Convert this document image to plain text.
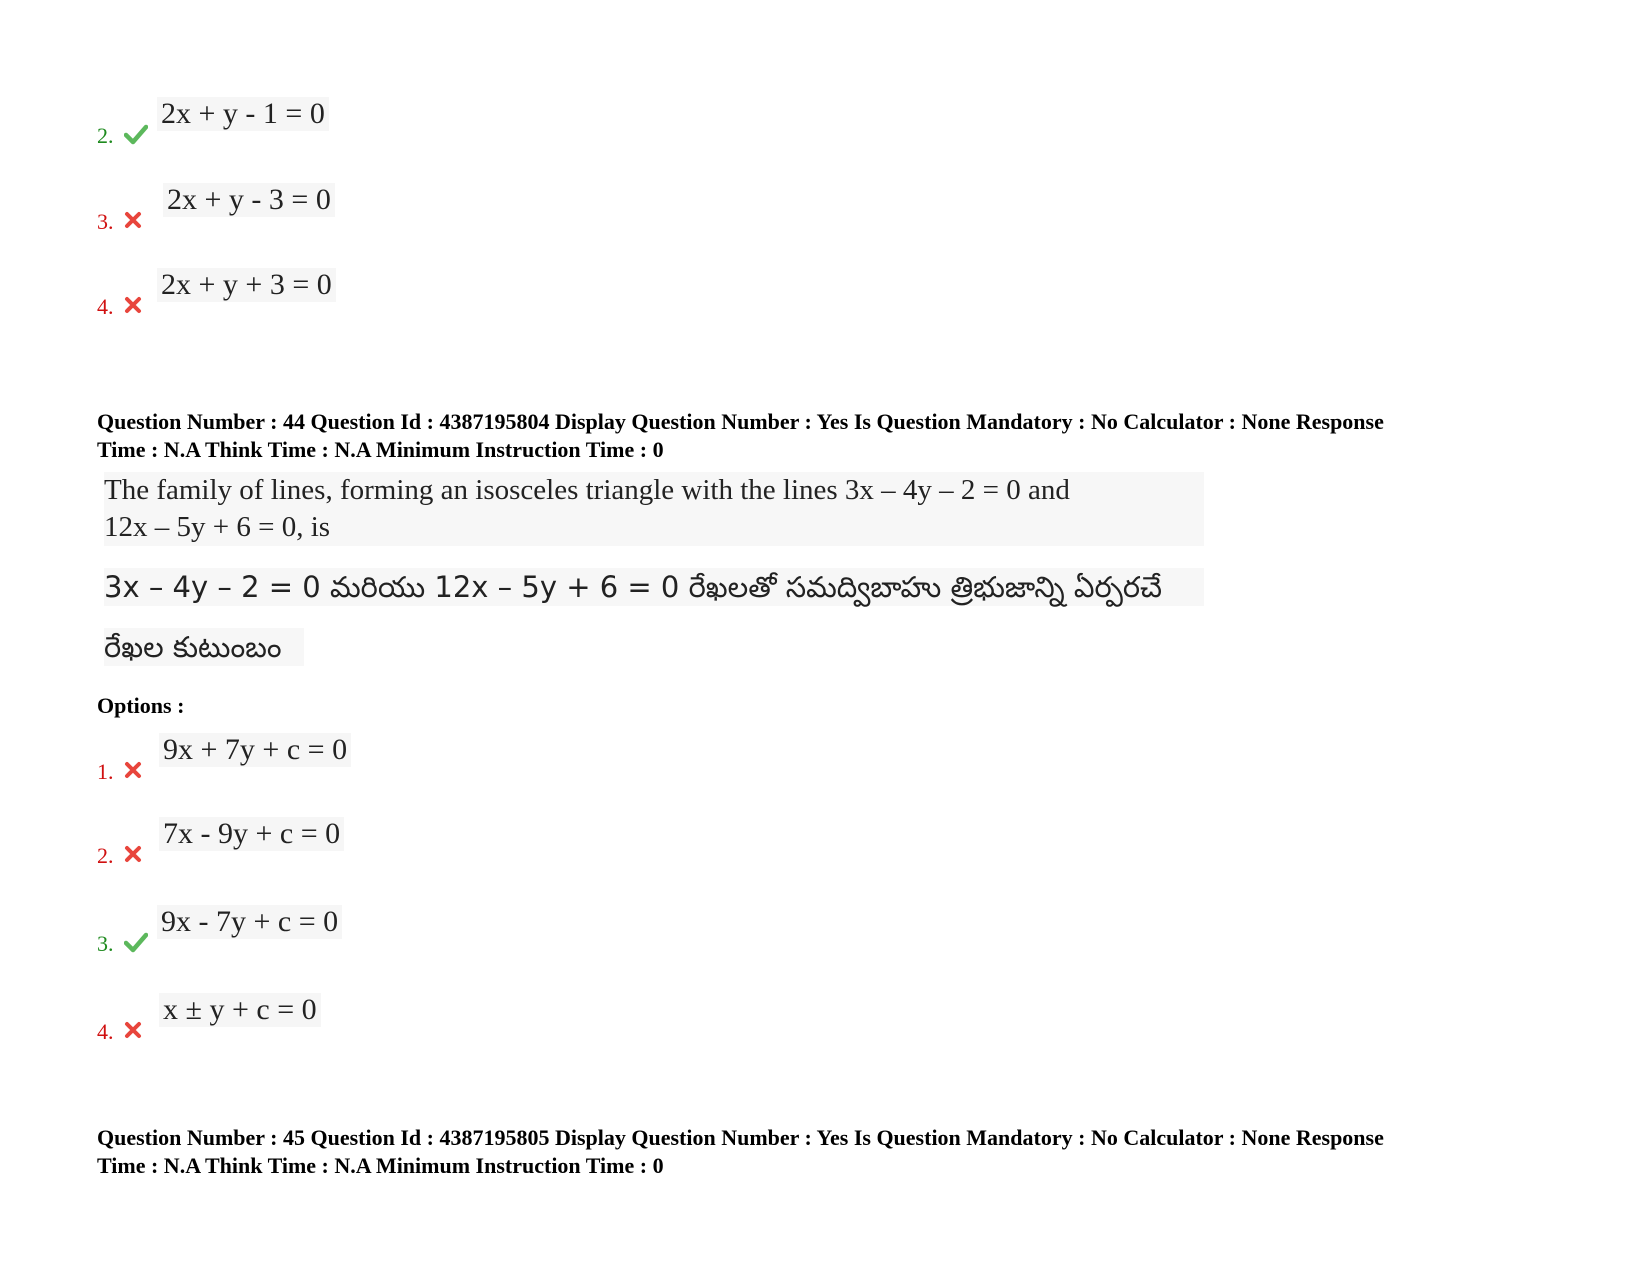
2.
2x + y - 1 = 0
3.
2x + y - 3 = 0
4.
2x + y + 3 = 0
Question Number : 44 Question Id : 4387195804 Display Question Number : Yes Is Question Mandatory : No Calculator : None Response
Time : N.A Think Time : N.A Minimum Instruction Time : 0
The family of lines, forming an isosceles triangle with the lines 3x – 4y – 2 = 0 and
12x – 5y + 6 = 0, is
3x – 4y – 2 = 0 మరియు 12x – 5y + 6 = 0 రేఖలతో సమద్విబాహు త్రిభుజాన్ని ఏర్పరచే
రేఖల కుటుంబం
Options :
1.
9x + 7y + c = 0
2.
7x - 9y + c = 0
3.
9x - 7y + c = 0
4.
x ± y + c = 0
Question Number : 45 Question Id : 4387195805 Display Question Number : Yes Is Question Mandatory : No Calculator : None Response
Time : N.A Think Time : N.A Minimum Instruction Time : 0
